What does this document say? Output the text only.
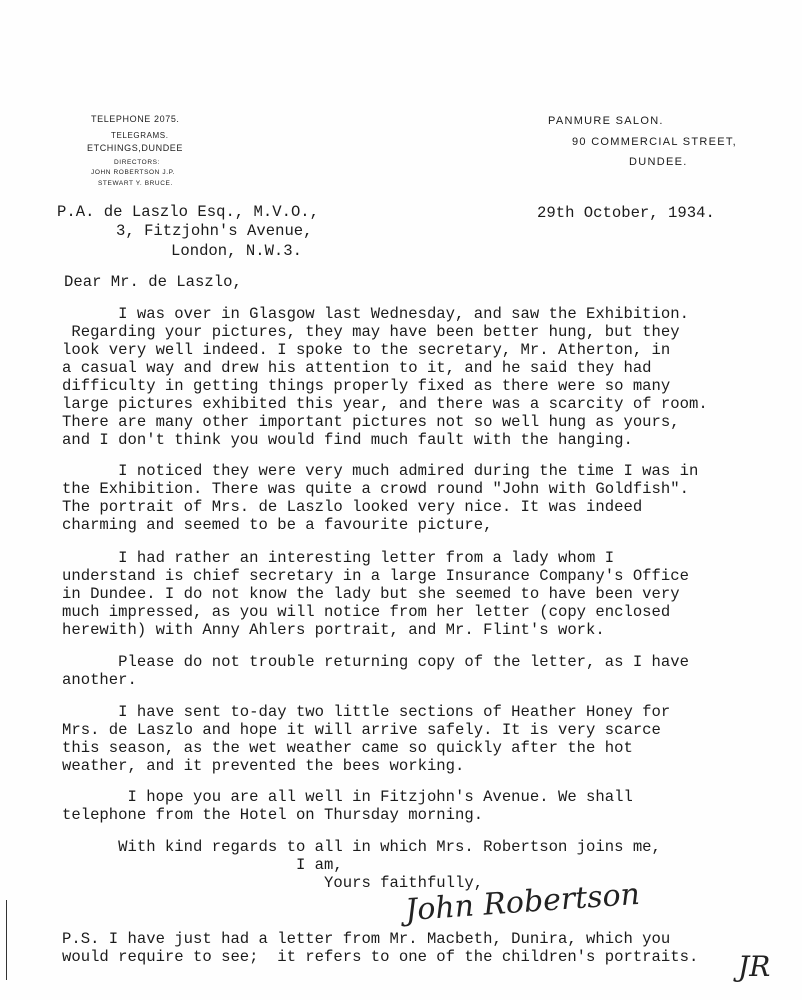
TELEPHONE 2075.
TELEGRAMS.
ETCHINGS,DUNDEE
DIRECTORS:
JOHN ROBERTSON J.P.
STEWART Y. BRUCE.
PANMURE SALON.
90 COMMERCIAL STREET,
DUNDEE.
P.A. de Laszlo Esq., M.V.O.,
3, Fitzjohn's Avenue,
London, N.W.3.
29th October, 1934.
Dear Mr. de Laszlo,
I was over in Glasgow last Wednesday, and saw the Exhibition.
Regarding your pictures, they may have been better hung, but they
look very well indeed. I spoke to the secretary, Mr. Atherton, in
a casual way and drew his attention to it, and he said they had
difficulty in getting things properly fixed as there were so many
large pictures exhibited this year, and there was a scarcity of room.
There are many other important pictures not so well hung as yours,
and I don't think you would find much fault with the hanging.
I noticed they were very much admired during the time I was in
the Exhibition. There was quite a crowd round "John with Goldfish".
The portrait of Mrs. de Laszlo looked very nice. It was indeed
charming and seemed to be a favourite picture,
I had rather an interesting letter from a lady whom I
understand is chief secretary in a large Insurance Company's Office
in Dundee. I do not know the lady but she seemed to have been very
much impressed, as you will notice from her letter (copy enclosed
herewith) with Anny Ahlers portrait, and Mr. Flint's work.
Please do not trouble returning copy of the letter, as I have
another.
I have sent to-day two little sections of Heather Honey for
Mrs. de Laszlo and hope it will arrive safely. It is very scarce
this season, as the wet weather came so quickly after the hot
weather, and it prevented the bees working.
I hope you are all well in Fitzjohn's Avenue. We shall
telephone from the Hotel on Thursday morning.
With kind regards to all in which Mrs. Robertson joins me,
I am,
Yours faithfully,
John Robertson
P.S. I have just had a letter from Mr. Macbeth, Dunira, which you
would require to see;  it refers to one of the children's portraits. JR
